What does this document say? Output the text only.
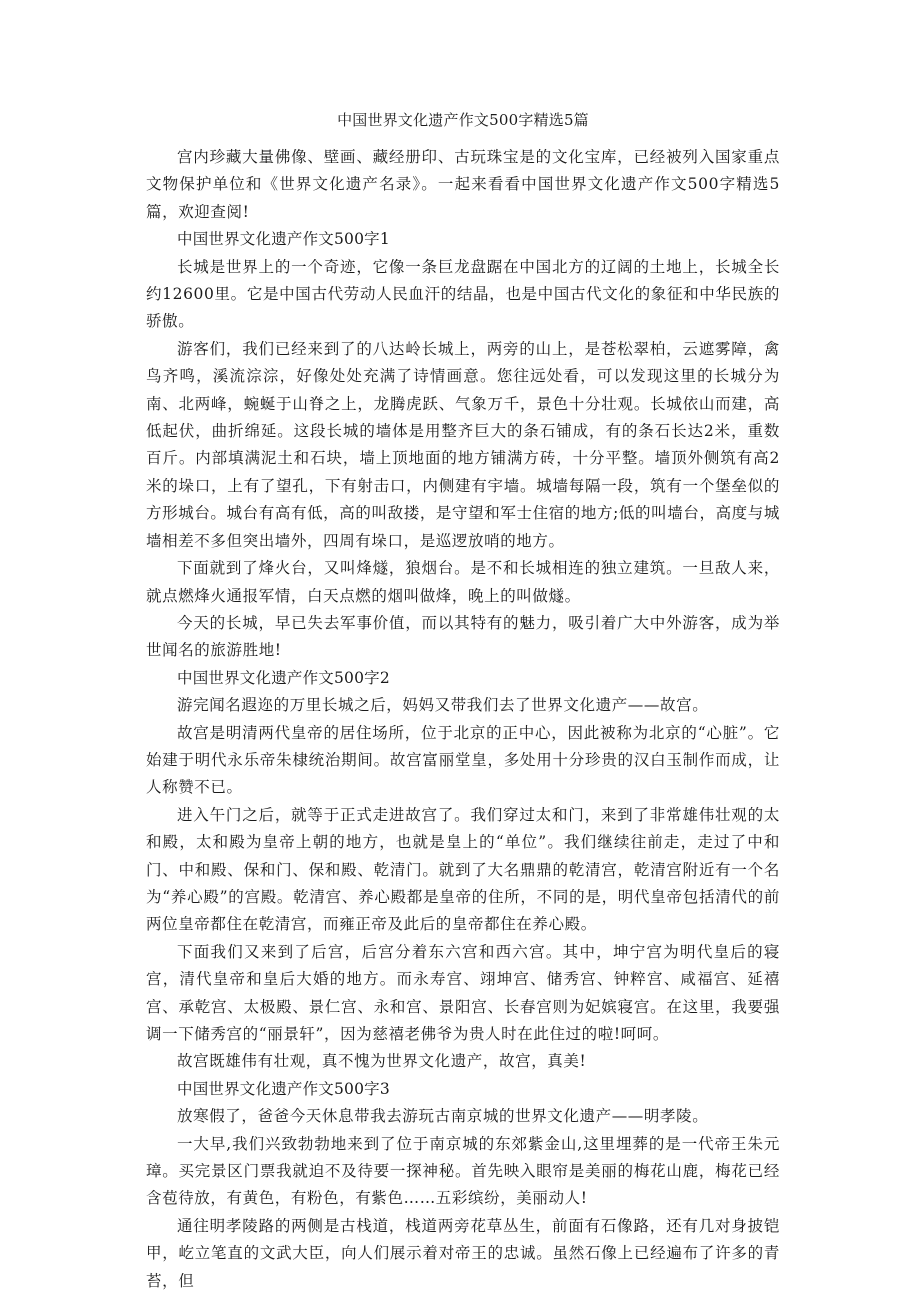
中国世界文化遗产作文500字精选5篇

宫内珍藏大量佛像、壁画、藏经册印、古玩珠宝是的文化宝库，已经被列入国家重点文物保护单位和《世界文化遗产名录》。一起来看看中国世界文化遗产作文500字精选5篇，欢迎查阅!

中国世界文化遗产作文500字1

长城是世界上的一个奇迹，它像一条巨龙盘踞在中国北方的辽阔的土地上，长城全长约12600里。它是中国古代劳动人民血汗的结晶，也是中国古代文化的象征和中华民族的骄傲。

游客们，我们已经来到了的八达岭长城上，两旁的山上，是苍松翠柏，云遮雾障，禽鸟齐鸣，溪流淙淙，好像处处充满了诗情画意。您往远处看，可以发现这里的长城分为南、北两峰，蜿蜒于山脊之上，龙腾虎跃、气象万千，景色十分壮观。长城依山而建，高低起伏，曲折绵延。这段长城的墙体是用整齐巨大的条石铺成，有的条石长达2米，重数百斤。内部填满泥土和石块，墙上顶地面的地方铺满方砖，十分平整。墙顶外侧筑有高2米的垛口，上有了望孔，下有射击口，内侧建有宇墙。城墙每隔一段，筑有一个堡垒似的方形城台。城台有高有低，高的叫敌搂，是守望和军士住宿的地方;低的叫墙台，高度与城墙相差不多但突出墙外，四周有垛口，是巡逻放哨的地方。

下面就到了烽火台，又叫烽燧，狼烟台。是不和长城相连的独立建筑。一旦敌人来，就点燃烽火通报军情，白天点燃的烟叫做烽，晚上的叫做燧。

今天的长城，早已失去军事价值，而以其特有的魅力，吸引着广大中外游客，成为举世闻名的旅游胜地!

中国世界文化遗产作文500字2

游完闻名遐迩的万里长城之后，妈妈又带我们去了世界文化遗产——故宫。

故宫是明清两代皇帝的居住场所，位于北京的正中心，因此被称为北京的“心脏”。它始建于明代永乐帝朱棣统治期间。故宫富丽堂皇，多处用十分珍贵的汉白玉制作而成，让人称赞不已。

进入午门之后，就等于正式走进故宫了。我们穿过太和门，来到了非常雄伟壮观的太和殿，太和殿为皇帝上朝的地方，也就是皇上的“单位”。我们继续往前走，走过了中和门、中和殿、保和门、保和殿、乾清门。就到了大名鼎鼎的乾清宫，乾清宫附近有一个名为“养心殿”的宫殿。乾清宫、养心殿都是皇帝的住所，不同的是，明代皇帝包括清代的前两位皇帝都住在乾清宫，而雍正帝及此后的皇帝都住在养心殿。

下面我们又来到了后宫，后宫分着东六宫和西六宫。其中，坤宁宫为明代皇后的寝宫，清代皇帝和皇后大婚的地方。而永寿宫、翊坤宫、储秀宫、钟粹宫、咸福宫、延禧宫、承乾宫、太极殿、景仁宫、永和宫、景阳宫、长春宫则为妃嫔寝宫。在这里，我要强调一下储秀宫的“丽景轩”，因为慈禧老佛爷为贵人时在此住过的啦!呵呵。

故宫既雄伟有壮观，真不愧为世界文化遗产，故宫，真美!

中国世界文化遗产作文500字3

放寒假了，爸爸今天休息带我去游玩古南京城的世界文化遗产——明孝陵。

一大早,我们兴致勃勃地来到了位于南京城的东郊紫金山,这里埋葬的是一代帝王朱元璋。买完景区门票我就迫不及待要一探神秘。首先映入眼帘是美丽的梅花山鹿，梅花已经含苞待放，有黄色，有粉色，有紫色……五彩缤纷，美丽动人!

通往明孝陵路的两侧是古栈道，栈道两旁花草丛生，前面有石像路，还有几对身披铠甲，屹立笔直的文武大臣，向人们展示着对帝王的忠诚。虽然石像上已经遍布了许多的青苔，但
